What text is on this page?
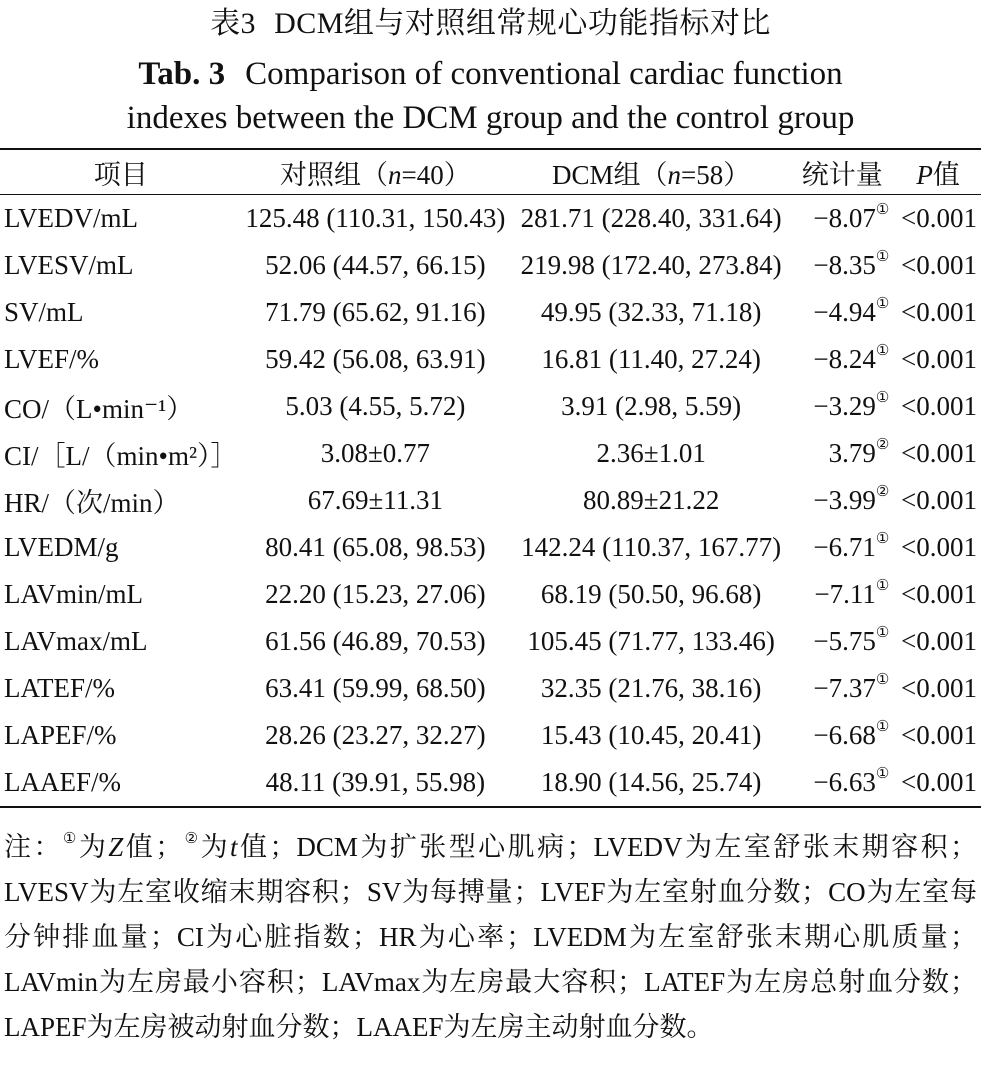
表3 DCM组与对照组常规心功能指标对比
Tab. 3 Comparison of conventional cardiac function
indexes between the DCM group and the control group
项目	对照组（n=40）	DCM组（n=58）	统计量	P值
LVEDV/mL	125.48 (110.31, 150.43)	281.71 (228.40, 331.64)	−8.07①	<0.001
LVESV/mL	52.06 (44.57, 66.15)	219.98 (172.40, 273.84)	−8.35①	<0.001
SV/mL	71.79 (65.62, 91.16)	49.95 (32.33, 71.18)	−4.94①	<0.001
LVEF/%	59.42 (56.08, 63.91)	16.81 (11.40, 27.24)	−8.24①	<0.001
CO/（L•min⁻¹）	5.03 (4.55, 5.72)	3.91 (2.98, 5.59)	−3.29①	<0.001
CI/［L/（min•m²）］	3.08±0.77	2.36±1.01	3.79②	<0.001
HR/（次/min）	67.69±11.31	80.89±21.22	−3.99②	<0.001
LVEDM/g	80.41 (65.08, 98.53)	142.24 (110.37, 167.77)	−6.71①	<0.001
LAVmin/mL	22.20 (15.23, 27.06)	68.19 (50.50, 96.68)	−7.11①	<0.001
LAVmax/mL	61.56 (46.89, 70.53)	105.45 (71.77, 133.46)	−5.75①	<0.001
LATEF/%	63.41 (59.99, 68.50)	32.35 (21.76, 38.16)	−7.37①	<0.001
LAPEF/%	28.26 (23.27, 32.27)	15.43 (10.45, 20.41)	−6.68①	<0.001
LAAEF/%	48.11 (39.91, 55.98)	18.90 (14.56, 25.74)	−6.63①	<0.001
注：①为Z值；②为t值；DCM为扩张型心肌病；LVEDV为左室舒张末期容积；LVESV为左室收缩末期容积；SV为每搏量；LVEF为左室射血分数；CO为左室每分钟排血量；CI为心脏指数；HR为心率；LVEDM为左室舒张末期心肌质量；LAVmin为左房最小容积；LAVmax为左房最大容积；LATEF为左房总射血分数；LAPEF为左房被动射血分数；LAAEF为左房主动射血分数。
